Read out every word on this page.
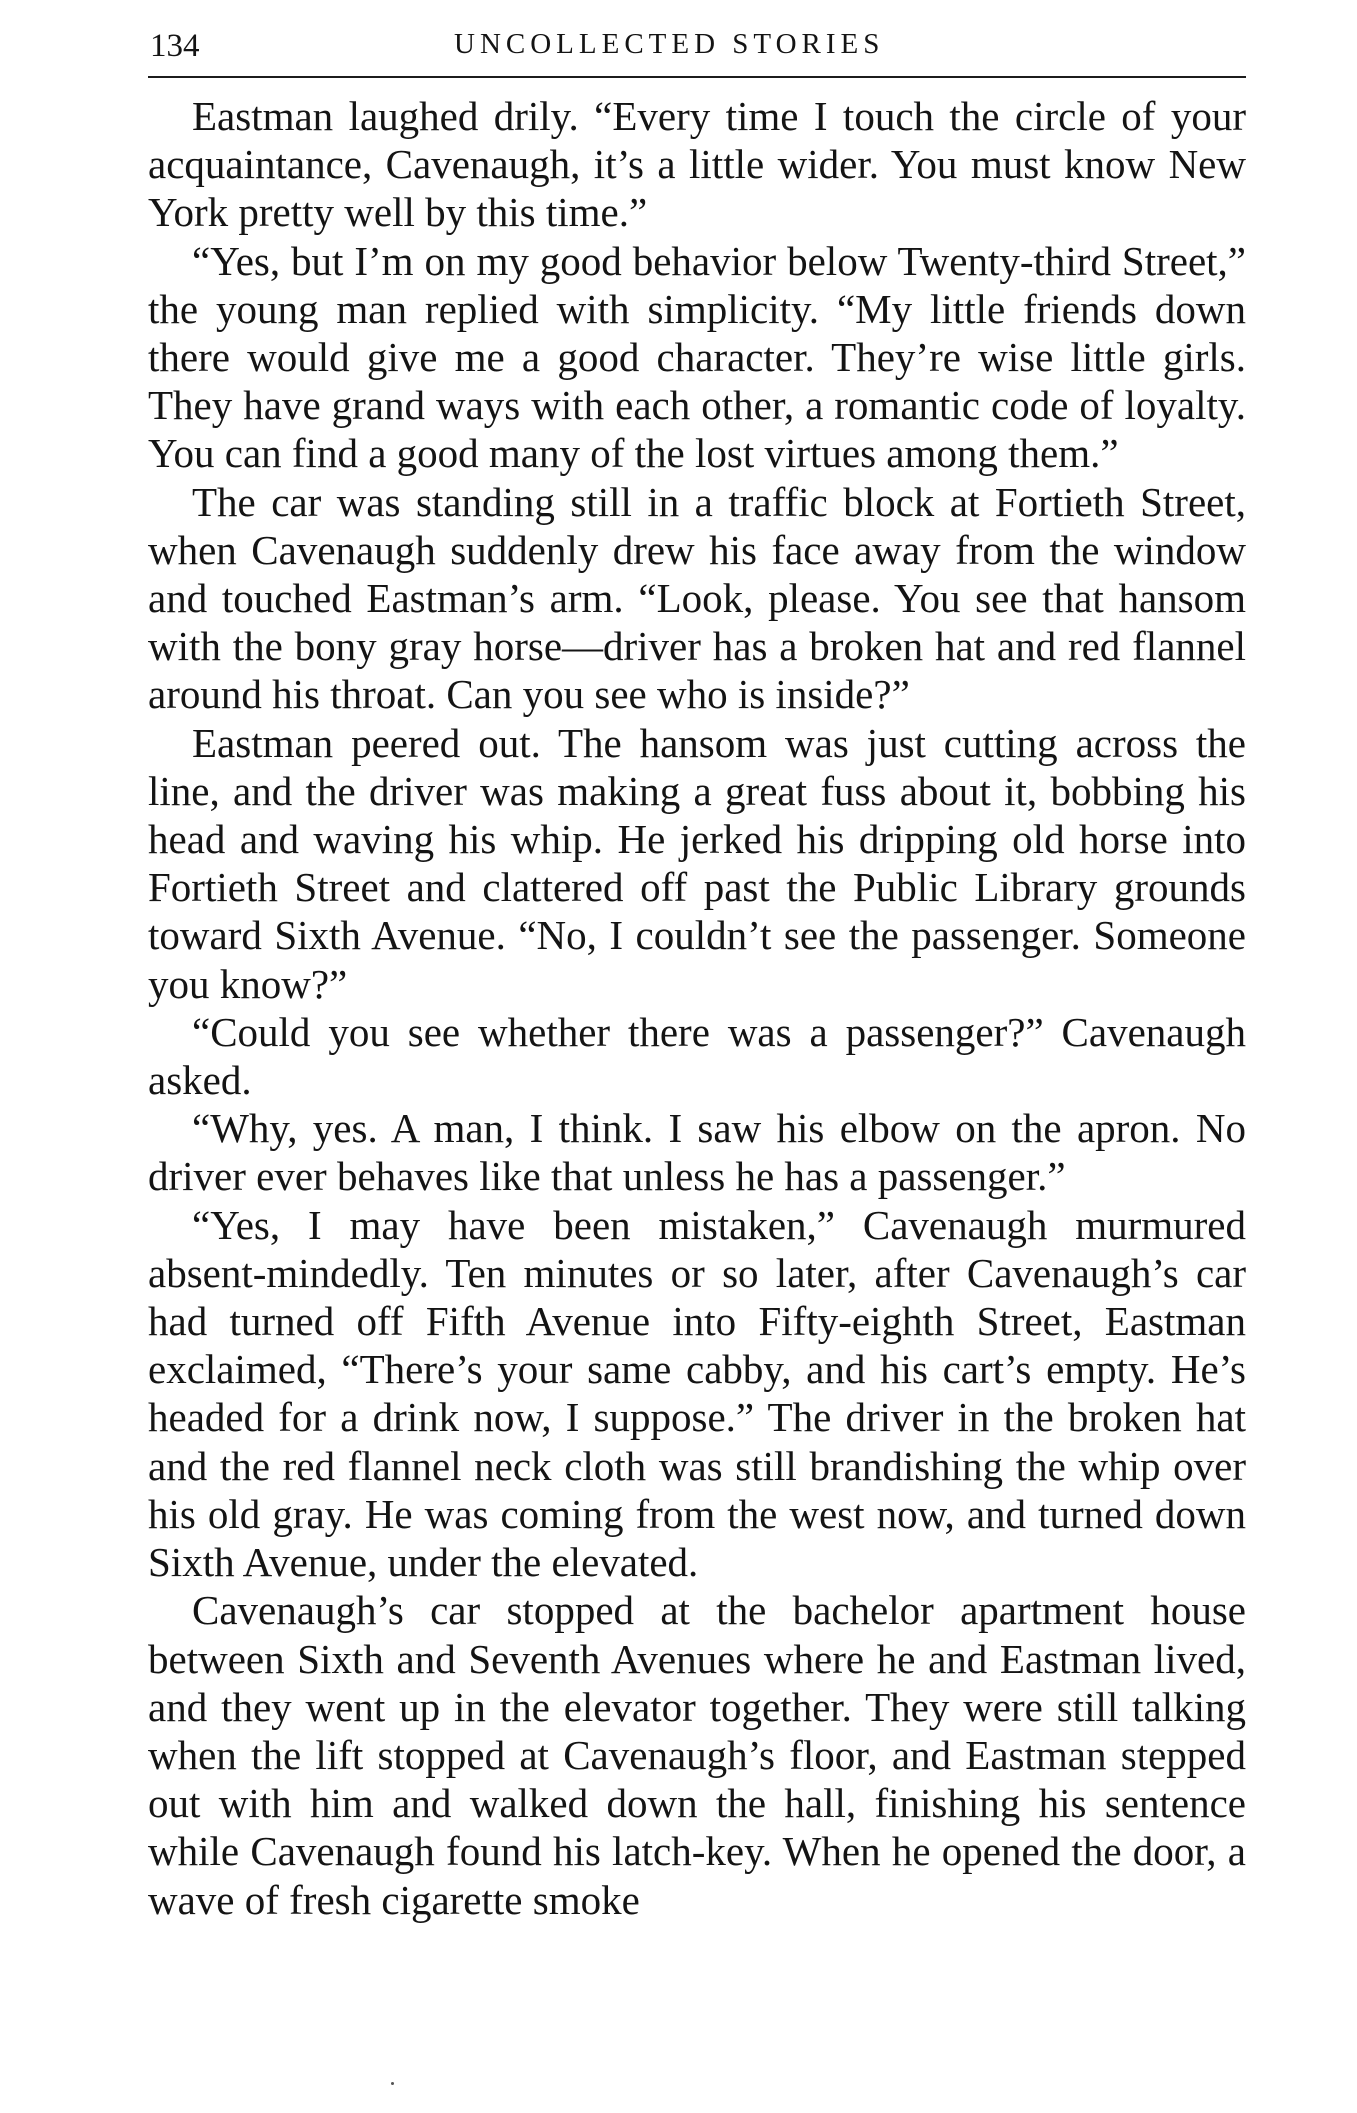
134	UNCOLLECTED STORIES

Eastman laughed drily. “Every time I touch the circle of your acquaintance, Cavenaugh, it’s a little wider. You must know New York pretty well by this time.”

“Yes, but I’m on my good behavior below Twenty-third Street,” the young man replied with simplicity. “My little friends down there would give me a good character. They’re wise little girls. They have grand ways with each other, a romantic code of loyalty. You can find a good many of the lost virtues among them.”

The car was standing still in a traffic block at Fortieth Street, when Cavenaugh suddenly drew his face away from the window and touched Eastman’s arm. “Look, please. You see that hansom with the bony gray horse—driver has a broken hat and red flannel around his throat. Can you see who is inside?”

Eastman peered out. The hansom was just cutting across the line, and the driver was making a great fuss about it, bobbing his head and waving his whip. He jerked his dripping old horse into Fortieth Street and clattered off past the Public Library grounds toward Sixth Avenue. “No, I couldn’t see the passenger. Someone you know?”

“Could you see whether there was a passenger?” Cavenaugh asked.

“Why, yes. A man, I think. I saw his elbow on the apron. No driver ever behaves like that unless he has a passenger.”

“Yes, I may have been mistaken,” Cavenaugh murmured absent-mindedly. Ten minutes or so later, after Cavenaugh’s car had turned off Fifth Avenue into Fifty-eighth Street, Eastman exclaimed, “There’s your same cabby, and his cart’s empty. He’s headed for a drink now, I suppose.” The driver in the broken hat and the red flannel neck cloth was still brandishing the whip over his old gray. He was coming from the west now, and turned down Sixth Avenue, under the elevated.

Cavenaugh’s car stopped at the bachelor apartment house between Sixth and Seventh Avenues where he and Eastman lived, and they went up in the elevator together. They were still talking when the lift stopped at Cavenaugh’s floor, and Eastman stepped out with him and walked down the hall, finishing his sentence while Cavenaugh found his latch-key. When he opened the door, a wave of fresh cigarette smoke
